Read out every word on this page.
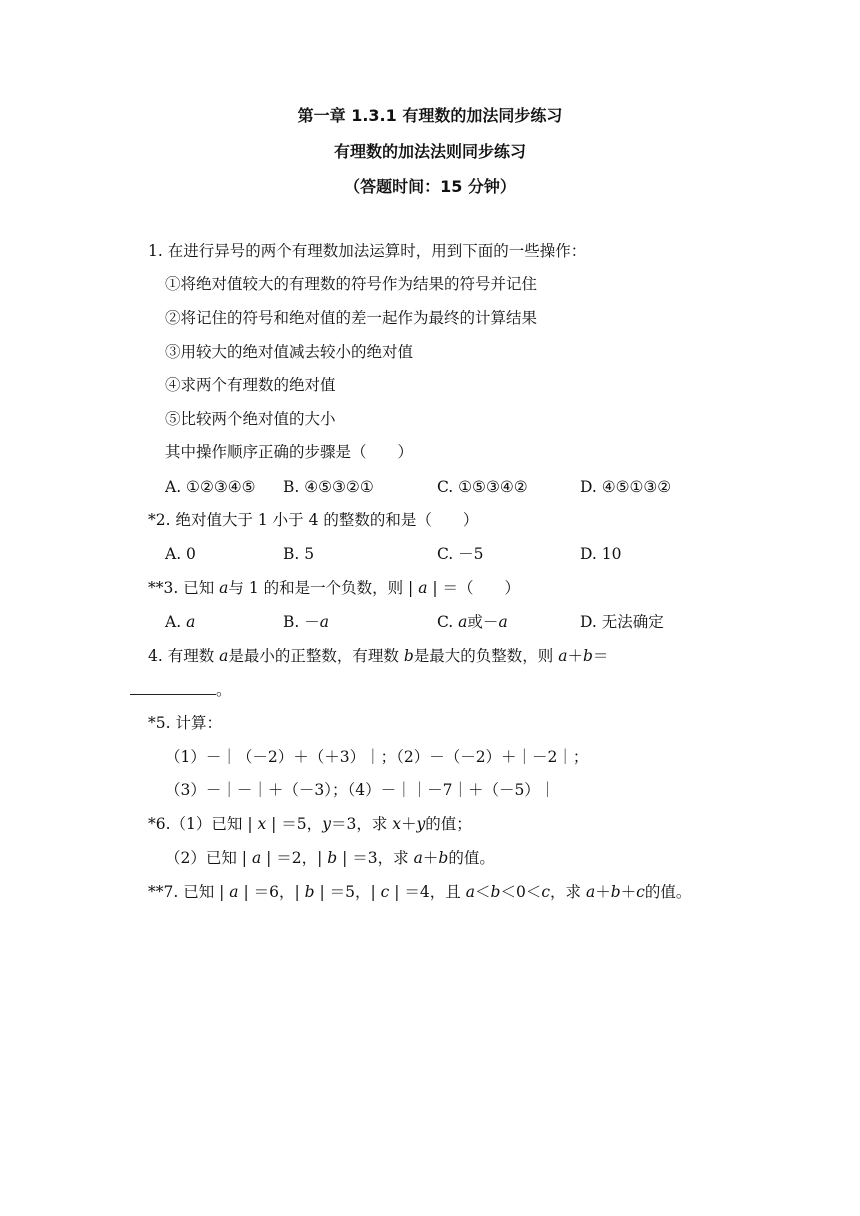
第一章 1.3.1 有理数的加法同步练习
有理数的加法法则同步练习
（答题时间：15 分钟）
1. 在进行异号的两个有理数加法运算时，用到下面的一些操作：
①将绝对值较大的有理数的符号作为结果的符号并记住
②将记住的符号和绝对值的差一起作为最终的计算结果
③用较大的绝对值减去较小的绝对值
④求两个有理数的绝对值
⑤比较两个绝对值的大小
其中操作顺序正确的步骤是（　　）
A. ①②③④⑤ B. ④⑤③②①	C. ①⑤③④②	D. ④⑤①③②
*2. 绝对值大于 1 小于 4 的整数的和是（　　）
A. 0	B. 5	C. －5	D. 10
**3. 已知 a与 1 的和是一个负数，则 | a | ＝（　　）
A. a	B. －a	C. a或－a	D. 无法确定
4. 有理数 a是最小的正整数，有理数 b是最大的负整数，则 a＋b＝
。
*5. 计算：
（1）－｜（－2）＋（＋3）｜；（2）－（－2）＋｜－2｜；
（3）－｜－｜＋（－3）；（4）－｜｜－7｜＋（－5）｜
*6.（1）已知 | x | ＝5，y＝3，求 x＋y的值；
（2）已知 | a | ＝2，| b | ＝3，求 a＋b的值。
**7. 已知 | a | ＝6，| b | ＝5，| c | ＝4，且 a＜b＜0＜c，求 a＋b＋c的值。
